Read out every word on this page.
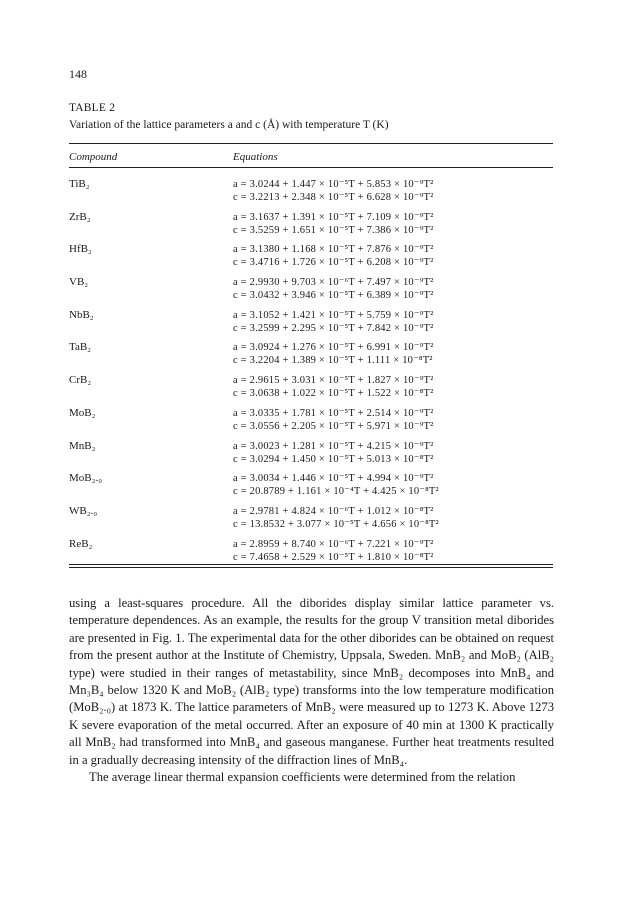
148
TABLE 2
Variation of the lattice parameters a and c (Å) with temperature T (K)
Compound	Equations
TiB₂	a = 3.0244 + 1.447 × 10⁻⁵T + 5.853 × 10⁻⁹T²
c = 3.2213 + 2.348 × 10⁻⁵T + 6.628 × 10⁻⁹T²
ZrB₂	a = 3.1637 + 1.391 × 10⁻⁵T + 7.109 × 10⁻⁹T²
c = 3.5259 + 1.651 × 10⁻⁵T + 7.386 × 10⁻⁹T²
HfB₂	a = 3.1380 + 1.168 × 10⁻⁵T + 7.876 × 10⁻⁹T²
c = 3.4716 + 1.726 × 10⁻⁵T + 6.208 × 10⁻⁹T²
VB₂	a = 2.9930 + 9.703 × 10⁻⁶T + 7.497 × 10⁻⁹T²
c = 3.0432 + 3.946 × 10⁻⁵T + 6.389 × 10⁻⁹T²
NbB₂	a = 3.1052 + 1.421 × 10⁻⁵T + 5.759 × 10⁻⁹T²
c = 3.2599 + 2.295 × 10⁻⁵T + 7.842 × 10⁻⁹T²
TaB₂	a = 3.0924 + 1.276 × 10⁻⁵T + 6.991 × 10⁻⁹T²
c = 3.2204 + 1.389 × 10⁻⁵T + 1.111 × 10⁻⁸T²
CrB₂	a = 2.9615 + 3.031 × 10⁻⁵T + 1.827 × 10⁻⁹T²
c = 3.0638 + 1.022 × 10⁻⁵T + 1.522 × 10⁻⁸T²
MoB₂	a = 3.0335 + 1.781 × 10⁻⁵T + 2.514 × 10⁻⁹T²
c = 3.0556 + 2.205 × 10⁻⁵T + 5.971 × 10⁻⁹T²
MnB₂	a = 3.0023 + 1.281 × 10⁻⁵T + 4.215 × 10⁻⁹T²
c = 3.0294 + 1.450 × 10⁻⁵T + 5.013 × 10⁻⁸T²
MoB₂.₀	a = 3.0034 + 1.446 × 10⁻⁵T + 4.994 × 10⁻⁹T²
c = 20.8789 + 1.161 × 10⁻⁴T + 4.425 × 10⁻⁸T²
WB₂.₀	a = 2.9781 + 4.824 × 10⁻⁶T + 1.012 × 10⁻⁸T²
c = 13.8532 + 3.077 × 10⁻⁵T + 4.656 × 10⁻⁸T²
ReB₂	a = 2.8959 + 8.740 × 10⁻⁶T + 7.221 × 10⁻⁹T²
c = 7.4658 + 2.529 × 10⁻⁵T + 1.810 × 10⁻⁸T²

using a least-squares procedure. All the diborides display similar lattice parameter vs. temperature dependences. As an example, the results for the group V transition metal diborides are presented in Fig. 1. The experimental data for the other diborides can be obtained on request from the present author at the Institute of Chemistry, Uppsala, Sweden. MnB₂ and MoB₂ (AlB₂ type) were studied in their ranges of metastability, since MnB₂ decomposes into MnB₄ and Mn₃B₄ below 1320 K and MoB₂ (AlB₂ type) transforms into the low temperature modification (MoB₂.₀) at 1873 K. The lattice parameters of MnB₂ were measured up to 1273 K. Above 1273 K severe evaporation of the metal occurred. After an exposure of 40 min at 1300 K practically all MnB₂ had transformed into MnB₄ and gaseous manganese. Further heat treatments resulted in a gradually decreasing intensity of the diffraction lines of MnB₄.

The average linear thermal expansion coefficients were determined from the relation
